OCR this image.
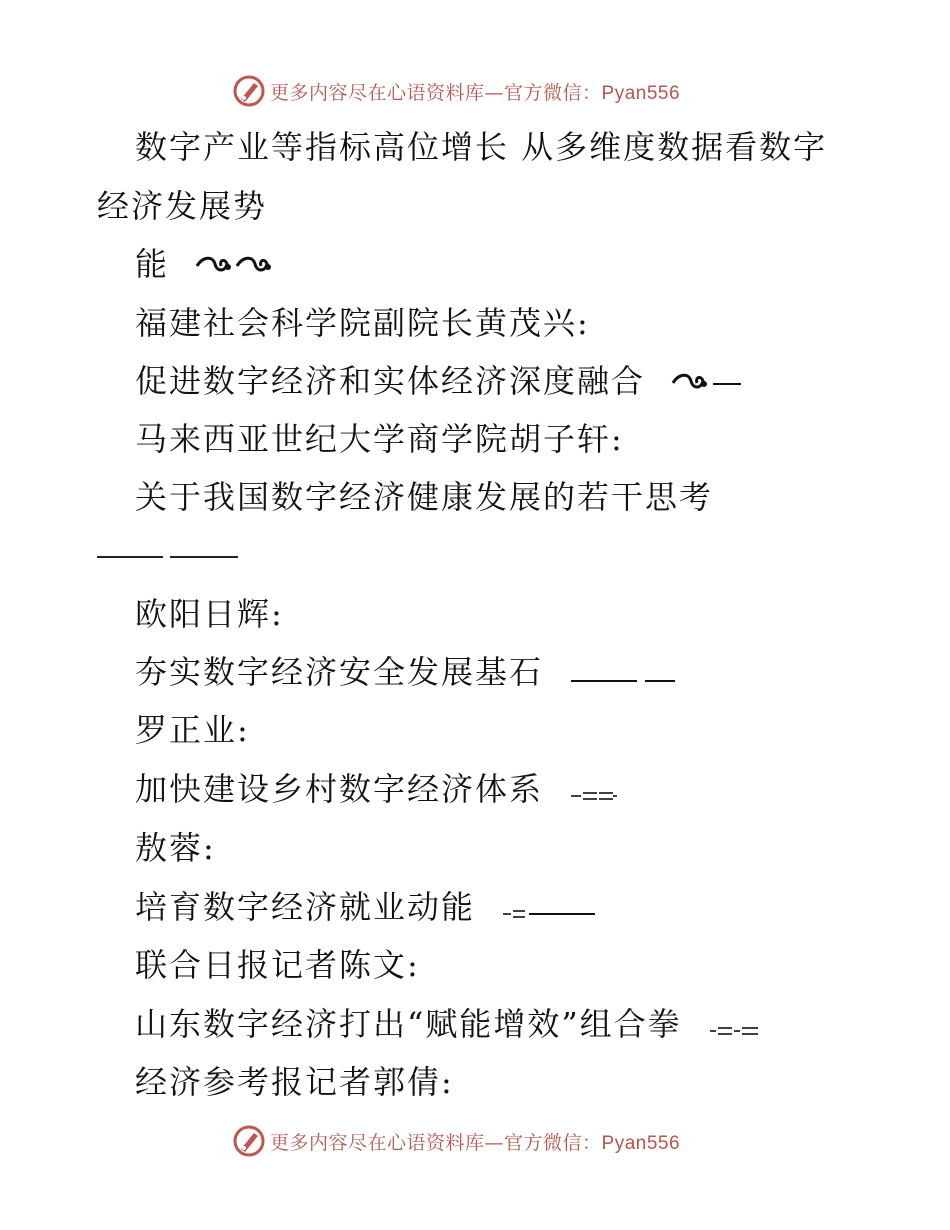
更多内容尽在心语资料库—官方微信：Pyan556
数字产业等指标高位增长 从多维度数据看数字
经济发展势
能
福建社会科学院副院长黄茂兴:
促进数字经济和实体经济深度融合
马来西亚世纪大学商学院胡子轩:
关于我国数字经济健康发展的若干思考
欧阳日辉:
夯实数字经济安全发展基石
罗正业:
加快建设乡村数字经济体系
敖蓉:
培育数字经济就业动能
联合日报记者陈文:
山东数字经济打出“赋能增效”组合拳
经济参考报记者郭倩:
更多内容尽在心语资料库—官方微信：Pyan556
